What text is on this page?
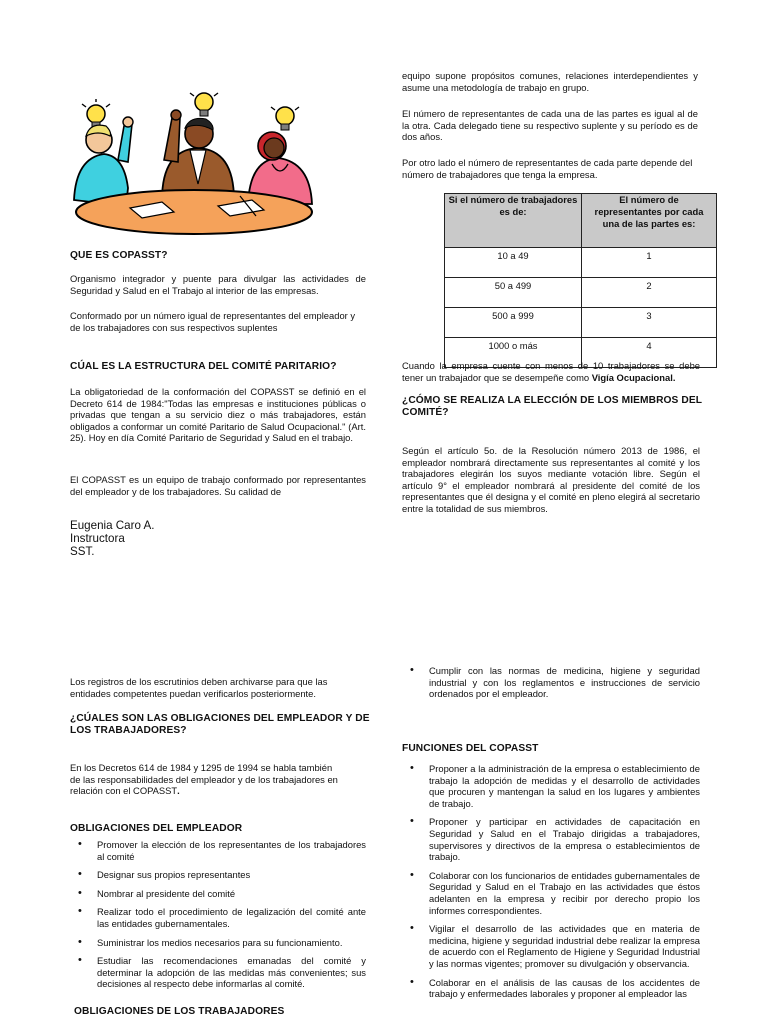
QUE ES COPASST?

Organismo integrador y puente para divulgar las actividades de Seguridad y Salud en el Trabajo al interior de las empresas.

Conformado por un número igual de representantes del empleador y de los trabajadores con sus respectivos suplentes

CÚAL ES LA ESTRUCTURA DEL COMITÉ PARITARIO?

La obligatoriedad de la conformación del COPASST se definió en el Decreto 614 de 1984:"Todas las empresas e instituciones públicas o privadas que tengan a su servicio diez o más trabajadores, están obligados a conformar un comité Paritario de Salud Ocupacional." (Art. 25). Hoy en día Comité Paritario de Seguridad y Salud en el trabajo.

El COPASST es un equipo de trabajo conformado por representantes del empleador y de los trabajadores. Su calidad de

Eugenia Caro A.
Instructora
SST.

equipo supone propósitos comunes, relaciones interdependientes y asume una metodología de trabajo en grupo.

El número de representantes de cada una de las partes es igual al de la otra. Cada delegado tiene su respectivo suplente y su período es de dos años.

Por otro lado el número de representantes de cada parte depende del número de trabajadores que tenga la empresa.

Si el número de trabajadores es de:	El número de representantes por cada una de las partes es:
10 a 49	1
50 a 499	2
500 a 999	3
1000 o más	4

Cuando la empresa cuente con menos de 10 trabajadores se debe tener un trabajador que se desempeñe como Vigía Ocupacional.

¿CÓMO SE REALIZA LA ELECCIÓN DE LOS MIEMBROS DEL COMITÉ?

Según el artículo 5o. de la Resolución número 2013 de 1986, el empleador nombrará directamente sus representantes al comité y los trabajadores elegirán los suyos mediante votación libre. Según el artículo 9° el empleador nombrará al presidente del comité de los representantes que él designa y el comité en pleno elegirá al secretario entre la totalidad de sus miembros.

Los registros de los escrutinios deben archivarse para que las entidades competentes puedan verificarlos posteriormente.

¿CÚALES SON LAS OBLIGACIONES DEL EMPLEADOR Y DE LOS TRABAJADORES?

En los Decretos 614 de 1984 y 1295 de 1994 se habla también de las responsabilidades del empleador y de los trabajadores en relación con el COPASST.

OBLIGACIONES DEL EMPLEADOR
• Promover la elección de los representantes de los trabajadores al comité
• Designar sus propios representantes
• Nombrar al presidente del comité
• Realizar todo el procedimiento de legalización del comité ante las entidades gubernamentales.
• Suministrar los medios necesarios para su funcionamiento.
• Estudiar las recomendaciones emanadas del comité y determinar la adopción de las medidas más convenientes; sus decisiones al respecto debe informarlas al comité.
OBLIGACIONES DE LOS TRABAJADORES
• Cumplir con las normas de medicina, higiene y seguridad industrial y con los reglamentos e instrucciones de servicio ordenados por el empleador.
FUNCIONES DEL COPASST
• Proponer a la administración de la empresa o establecimiento de trabajo la adopción de medidas y el desarrollo de actividades que procuren y mantengan la salud en los lugares y ambientes de trabajo.
• Proponer y participar en actividades de capacitación en Seguridad y Salud en el Trabajo dirigidas a trabajadores, supervisores y directivos de la empresa o establecimientos de trabajo.
• Colaborar con los funcionarios de entidades gubernamentales de Seguridad y Salud en el Trabajo en las actividades que éstos adelanten en la empresa y recibir por derecho propio los informes correspondientes.
• Vigilar el desarrollo de las actividades que en materia de medicina, higiene y seguridad industrial debe realizar la empresa de acuerdo con el Reglamento de Higiene y Seguridad Industrial y las normas vigentes; promover su divulgación y observancia.
• Colaborar en el análisis de las causas de los accidentes de trabajo y enfermedades laborales y proponer al empleador las
